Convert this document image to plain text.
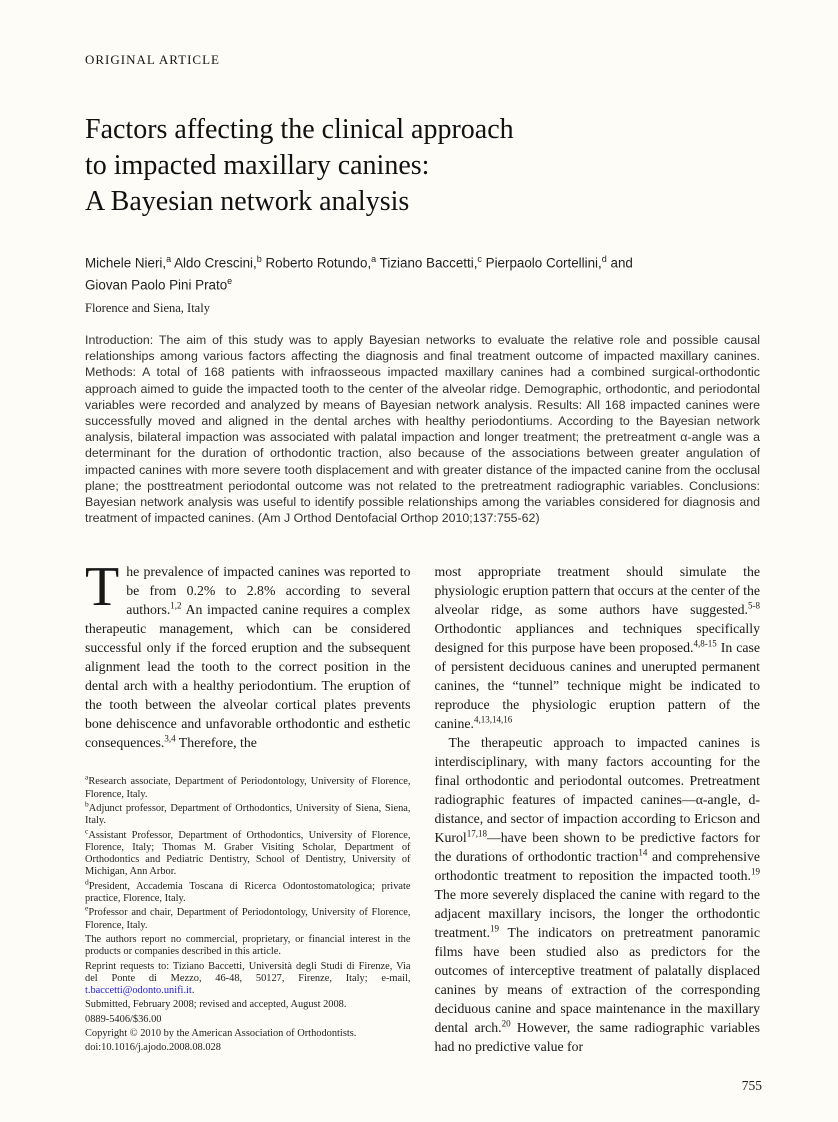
ORIGINAL ARTICLE
Factors affecting the clinical approach
to impacted maxillary canines:
A Bayesian network analysis
Michele Nieri,$^a$ Aldo Crescini,$^b$ Roberto Rotundo,$^a$ Tiziano Baccetti,$^c$ Pierpaolo Cortellini,$^d$ and
Giovan Paolo Pini Prato$^e$
Florence and Siena, Italy
Introduction: The aim of this study was to apply Bayesian networks to evaluate the relative role and possible causal relationships among various factors affecting the diagnosis and final treatment outcome of impacted maxillary canines. Methods: A total of 168 patients with infraosseous impacted maxillary canines had a combined surgical-orthodontic approach aimed to guide the impacted tooth to the center of the alveolar ridge. Demographic, orthodontic, and periodontal variables were recorded and analyzed by means of Bayesian network analysis. Results: All 168 impacted canines were successfully moved and aligned in the dental arches with healthy periodontiums. According to the Bayesian network analysis, bilateral impaction was associated with palatal impaction and longer treatment; the pretreatment α-angle was a determinant for the duration of orthodontic traction, also because of the associations between greater angulation of impacted canines with more severe tooth displacement and with greater distance of the impacted canine from the occlusal plane; the posttreatment periodontal outcome was not related to the pretreatment radiographic variables. Conclusions: Bayesian network analysis was useful to identify possible relationships among the variables considered for diagnosis and treatment of impacted canines. (Am J Orthod Dentofacial Orthop 2010;137:755-62)

The prevalence of impacted canines was reported to be from 0.2% to 2.8% according to several authors.$^{1,2}$ An impacted canine requires a complex therapeutic management, which can be considered successful only if the forced eruption and the subsequent alignment lead the tooth to the correct position in the dental arch with a healthy periodontium. The eruption of the tooth between the alveolar cortical plates prevents bone dehiscence and unfavorable orthodontic and esthetic consequences.$^{3,4}$ Therefore, the

$^a$Research associate, Department of Periodontology, University of Florence, Florence, Italy.

$^b$Adjunct professor, Department of Orthodontics, University of Siena, Siena, Italy.

$^c$Assistant Professor, Department of Orthodontics, University of Florence, Florence, Italy; Thomas M. Graber Visiting Scholar, Department of Orthodontics and Pediatric Dentistry, School of Dentistry, University of Michigan, Ann Arbor.

$^d$President, Accademia Toscana di Ricerca Odontostomatologica; private practice, Florence, Italy.

$^e$Professor and chair, Department of Periodontology, University of Florence, Florence, Italy.

The authors report no commercial, proprietary, or financial interest in the products or companies described in this article.

Reprint requests to: Tiziano Baccetti, Università degli Studi di Firenze, Via del Ponte di Mezzo, 46-48, 50127, Firenze, Italy; e-mail, t.baccetti@odonto.unifi.it.

Submitted, February 2008; revised and accepted, August 2008.

0889-5406/$36.00

Copyright © 2010 by the American Association of Orthodontists.

doi:10.1016/j.ajodo.2008.08.028

most appropriate treatment should simulate the physiologic eruption pattern that occurs at the center of the alveolar ridge, as some authors have suggested.$^{5-8}$ Orthodontic appliances and techniques specifically designed for this purpose have been proposed.$^{4,8-15}$ In case of persistent deciduous canines and unerupted permanent canines, the “tunnel” technique might be indicated to reproduce the physiologic eruption pattern of the canine.$^{4,13,14,16}$

The therapeutic approach to impacted canines is interdisciplinary, with many factors accounting for the final orthodontic and periodontal outcomes. Pretreatment radiographic features of impacted canines—α-angle, d-distance, and sector of impaction according to Ericson and Kurol$^{17,18}$—have been shown to be predictive factors for the durations of orthodontic traction$^{14}$ and comprehensive orthodontic treatment to reposition the impacted tooth.$^{19}$ The more severely displaced the canine with regard to the adjacent maxillary incisors, the longer the orthodontic treatment.$^{19}$ The indicators on pretreatment panoramic films have been studied also as predictors for the outcomes of interceptive treatment of palatally displaced canines by means of extraction of the corresponding deciduous canine and space maintenance in the maxillary dental arch.$^{20}$ However, the same radiographic variables had no predictive value for

755
